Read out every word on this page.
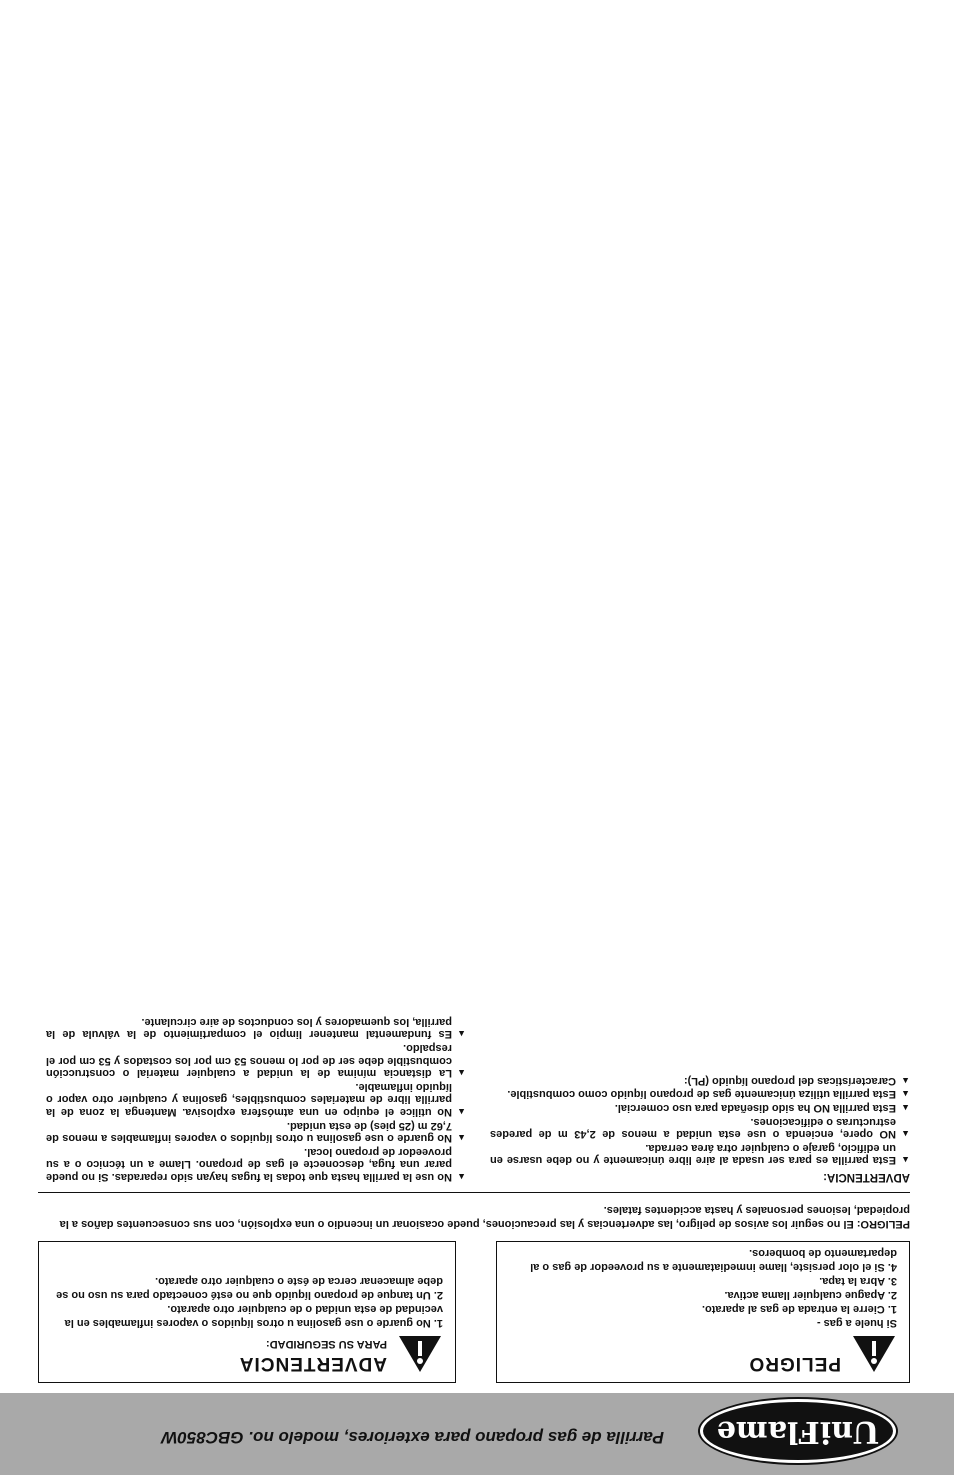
UniFlame
Parrilla de gas propano para exteriores, modelo no. GBC850W
PELIGRO
Si huele a gas -
1. Cierre la entrada de gas al aparato.
2. Apague cualquier llama activa.
3. Abra la tapa.
4. Si el olor persiste, llame inmediatamente a su proveedor de gas o al departamento de bomberos.
ADVERTENCIA
PARA SU SEGURIDAD:
1. No guarde o use gasolina u otros líquidos o vapores inflamables en la vecindad de esta unidad o de cualquier otro aparato.
2. Un tanque de propano líquido que no esté conectado para su uso no se debe almacenar cerca de éste o cualquier otro aparato.
PELIGRO: El no seguir los avisos de peligro, las advertencias y las precauciones, puede ocasionar un incendio o una explosión, con sus consecuentes daños a la propiedad, lesiones personales y hasta accidentes fatales.
ADVERTENCIA:
▲ Esta parrilla es para ser usada al aire libre únicamente y no debe usarse en un edificio, garaje o cualquier otra área cerrada.
▲ NO opere, encienda o use esta unidad a menos de 2,43 m de paredes estructuras o edificaciones.
▲ Esta parrilla NO ha sido diseñada para uso comercial.
▲ Esta parrilla utiliza únicamente gas de propano líquido como combustible.
▲ Características del propano líquido (PL):
▲ No use la parrilla hasta que todas la fugas hayan sido reparadas. Si no puede parar una fuga, desconecte el gas de propano. Llame a un técnico o a su proveedor de propano local.
▲ No guarde o use gasolina u otros líquidos o vapores inflamables a menos de 7,62 m (25 pies) de esta unidad.
▲ No utilice el equipo en una atmósfera explosiva. Mantenga la zona de la parrilla libre de materiales combustibles, gasolina y cualquier otro vapor o líquido inflamable.
▲ La distancia mínima de la unidad a cualquier material o construcción combustible debe ser de por lo menos 53 cm por los costados y 53 cm por el respaldo.
▲ Es fundamental mantener limpio el compartimiento de la válvula de la parrilla, los quemadores y los conductos de aire circulante.
